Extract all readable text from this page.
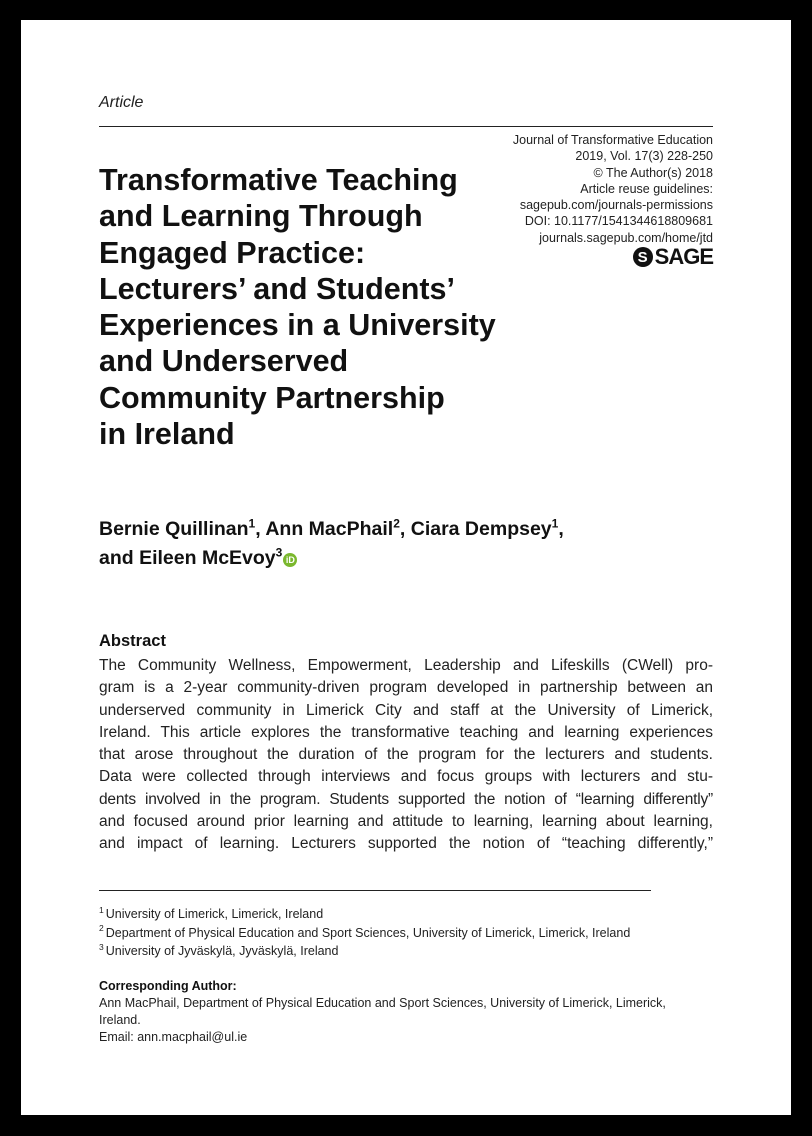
Article
Journal of Transformative Education
2019, Vol. 17(3) 228-250
© The Author(s) 2018
Article reuse guidelines:
sagepub.com/journals-permissions
DOI: 10.1177/1541344618809681
journals.sagepub.com/home/jtd
S SAGE
Transformative Teaching
and Learning Through
Engaged Practice:
Lecturers’ and Students’
Experiences in a University
and Underserved
Community Partnership
in Ireland
Bernie Quillinan$^1$, Ann MacPhail$^2$, Ciara Dempsey$^1$,
and Eileen McEvoy$^3$iD
Abstract
The Community Wellness, Empowerment, Leadership and Lifeskills (CWell) pro-
gram is a 2-year community-driven program developed in partnership between an
underserved community in Limerick City and staff at the University of Limerick,
Ireland. This article explores the transformative teaching and learning experiences
that arose throughout the duration of the program for the lecturers and students.
Data were collected through interviews and focus groups with lecturers and stu-
dents involved in the program. Students supported the notion of “learning differently”
and focused around prior learning and attitude to learning, learning about learning,
and impact of learning. Lecturers supported the notion of “teaching differently,”
$^1$ University of Limerick, Limerick, Ireland
$^2$ Department of Physical Education and Sport Sciences, University of Limerick, Limerick, Ireland
$^3$ University of Jyväskylä, Jyväskylä, Ireland
Corresponding Author:
Ann MacPhail, Department of Physical Education and Sport Sciences, University of Limerick, Limerick,
Ireland.
Email: ann.macphail@ul.ie
